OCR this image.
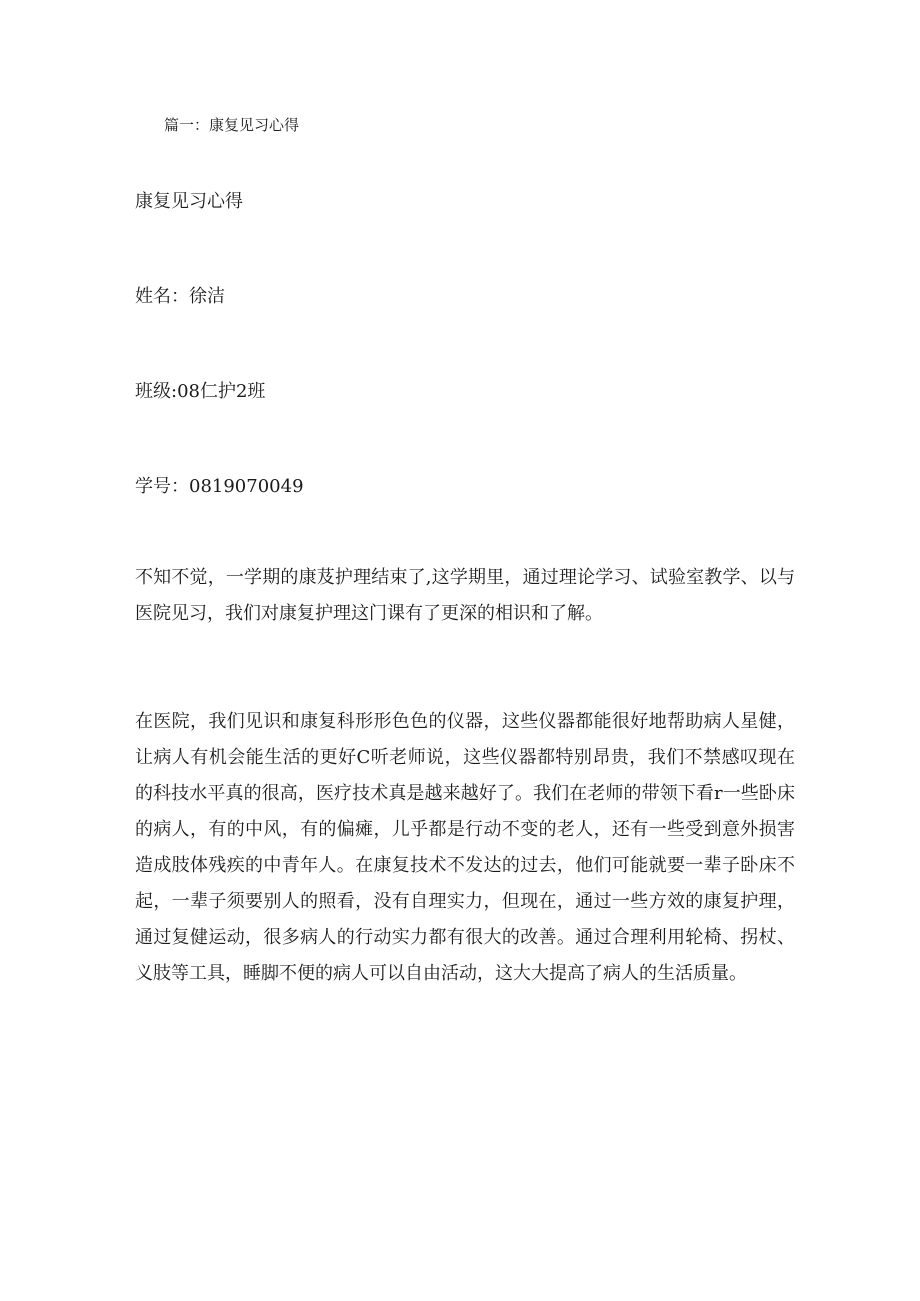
篇一：康复见习心得
康复见习心得
姓名：徐洁
班级:08仁护2班
学号：0819070049
不知不觉，一学期的康芨护理结束了,这学期里，通过理论学习、试验室教学、以与医院见习，我们对康复护理这门课有了更深的相识和了解。
在医院，我们见识和康复科形形色色的仪器，这些仪器都能很好地帮助病人星健，让病人有机会能生活的更好C听老师说，这些仪器都特别昂贵，我们不禁感叹现在的科技水平真的很高，医疗技术真是越来越好了。我们在老师的带领下看r一些卧床的病人，有的中风，有的偏瘫，儿乎都是行动不变的老人，还有一些受到意外损害造成肢体残疾的中青年人。在康复技术不发达的过去，他们可能就要一辈子卧床不起，一辈子须要别人的照看，没有自理实力，但现在，通过一些方效的康复护理，通过复健运动，很多病人的行动实力都有很大的改善。通过合理利用轮椅、拐杖、义肢等工具，睡脚不便的病人可以自由活动，这大大提高了病人的生活质量。
